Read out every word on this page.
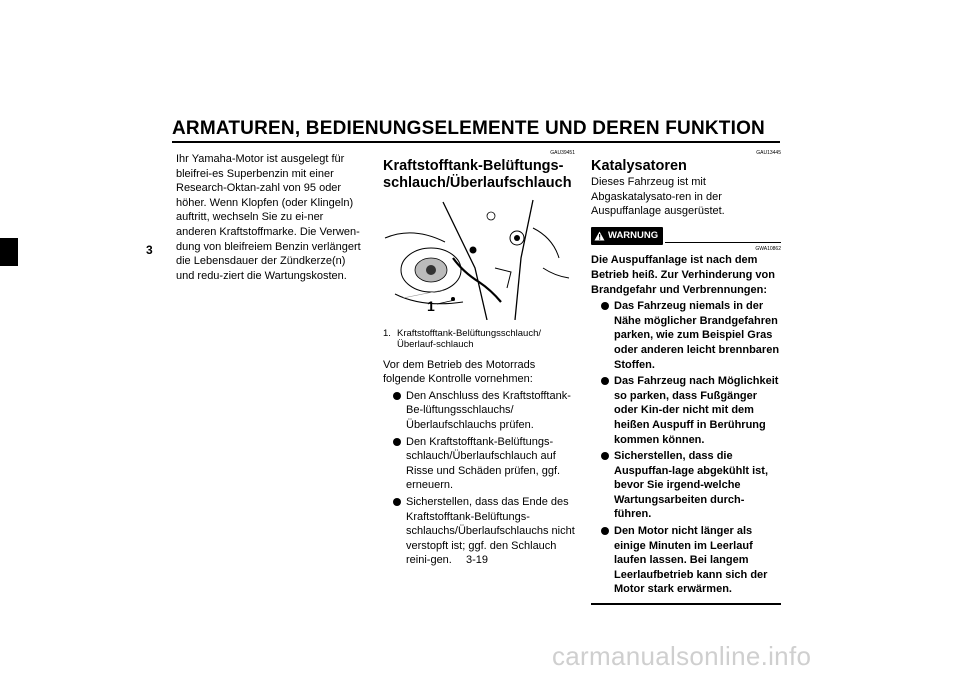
ARMATUREN, BEDIENUNGSELEMENTE UND DEREN FUNKTION
3
Ihr Yamaha-Motor ist ausgelegt für bleifrei-es Superbenzin mit einer Research-Oktan-zahl von 95 oder höher. Wenn Klopfen (oder Klingeln) auftritt, wechseln Sie zu ei-ner anderen Kraftstoffmarke. Die Verwen-dung von bleifreiem Benzin verlängert die Lebensdauer der Zündkerze(n) und redu-ziert die Wartungskosten.
GAU39451
Kraftstofftank-Belüftungs-
schlauch/Überlaufschlauch
1
1. Kraftstofftank-Belüftungsschlauch/Überlauf-schlauch
Vor dem Betrieb des Motorrads folgende Kontrolle vornehmen:
Den Anschluss des Kraftstofftank-Be-lüftungsschlauchs/Überlaufschlauchs prüfen.
Den Kraftstofftank-Belüftungs-schlauch/Überlaufschlauch auf Risse und Schäden prüfen, ggf. erneuern.
Sicherstellen, dass das Ende des Kraftstofftank-Belüftungs-schlauchs/Überlaufschlauchs nicht verstopft ist; ggf. den Schlauch reini-gen.
GAU13445
Katalysatoren
Dieses Fahrzeug ist mit Abgaskatalysato-ren in der Auspuffanlage ausgerüstet.
WARNUNG
GWA10862
Die Auspuffanlage ist nach dem Betrieb heiß. Zur Verhinderung von Brandgefahr und Verbrennungen:
Das Fahrzeug niemals in der Nähe möglicher Brandgefahren parken, wie zum Beispiel Gras oder anderen leicht brennbaren Stoffen.
Das Fahrzeug nach Möglichkeit so parken, dass Fußgänger oder Kin-der nicht mit dem heißen Auspuff in Berührung kommen können.
Sicherstellen, dass die Auspuffan-lage abgekühlt ist, bevor Sie irgend-welche Wartungsarbeiten durch-führen.
Den Motor nicht länger als einige Minuten im Leerlauf laufen lassen. Bei langem Leerlaufbetrieb kann sich der Motor stark erwärmen.
3-19
carmanualsonline.info
